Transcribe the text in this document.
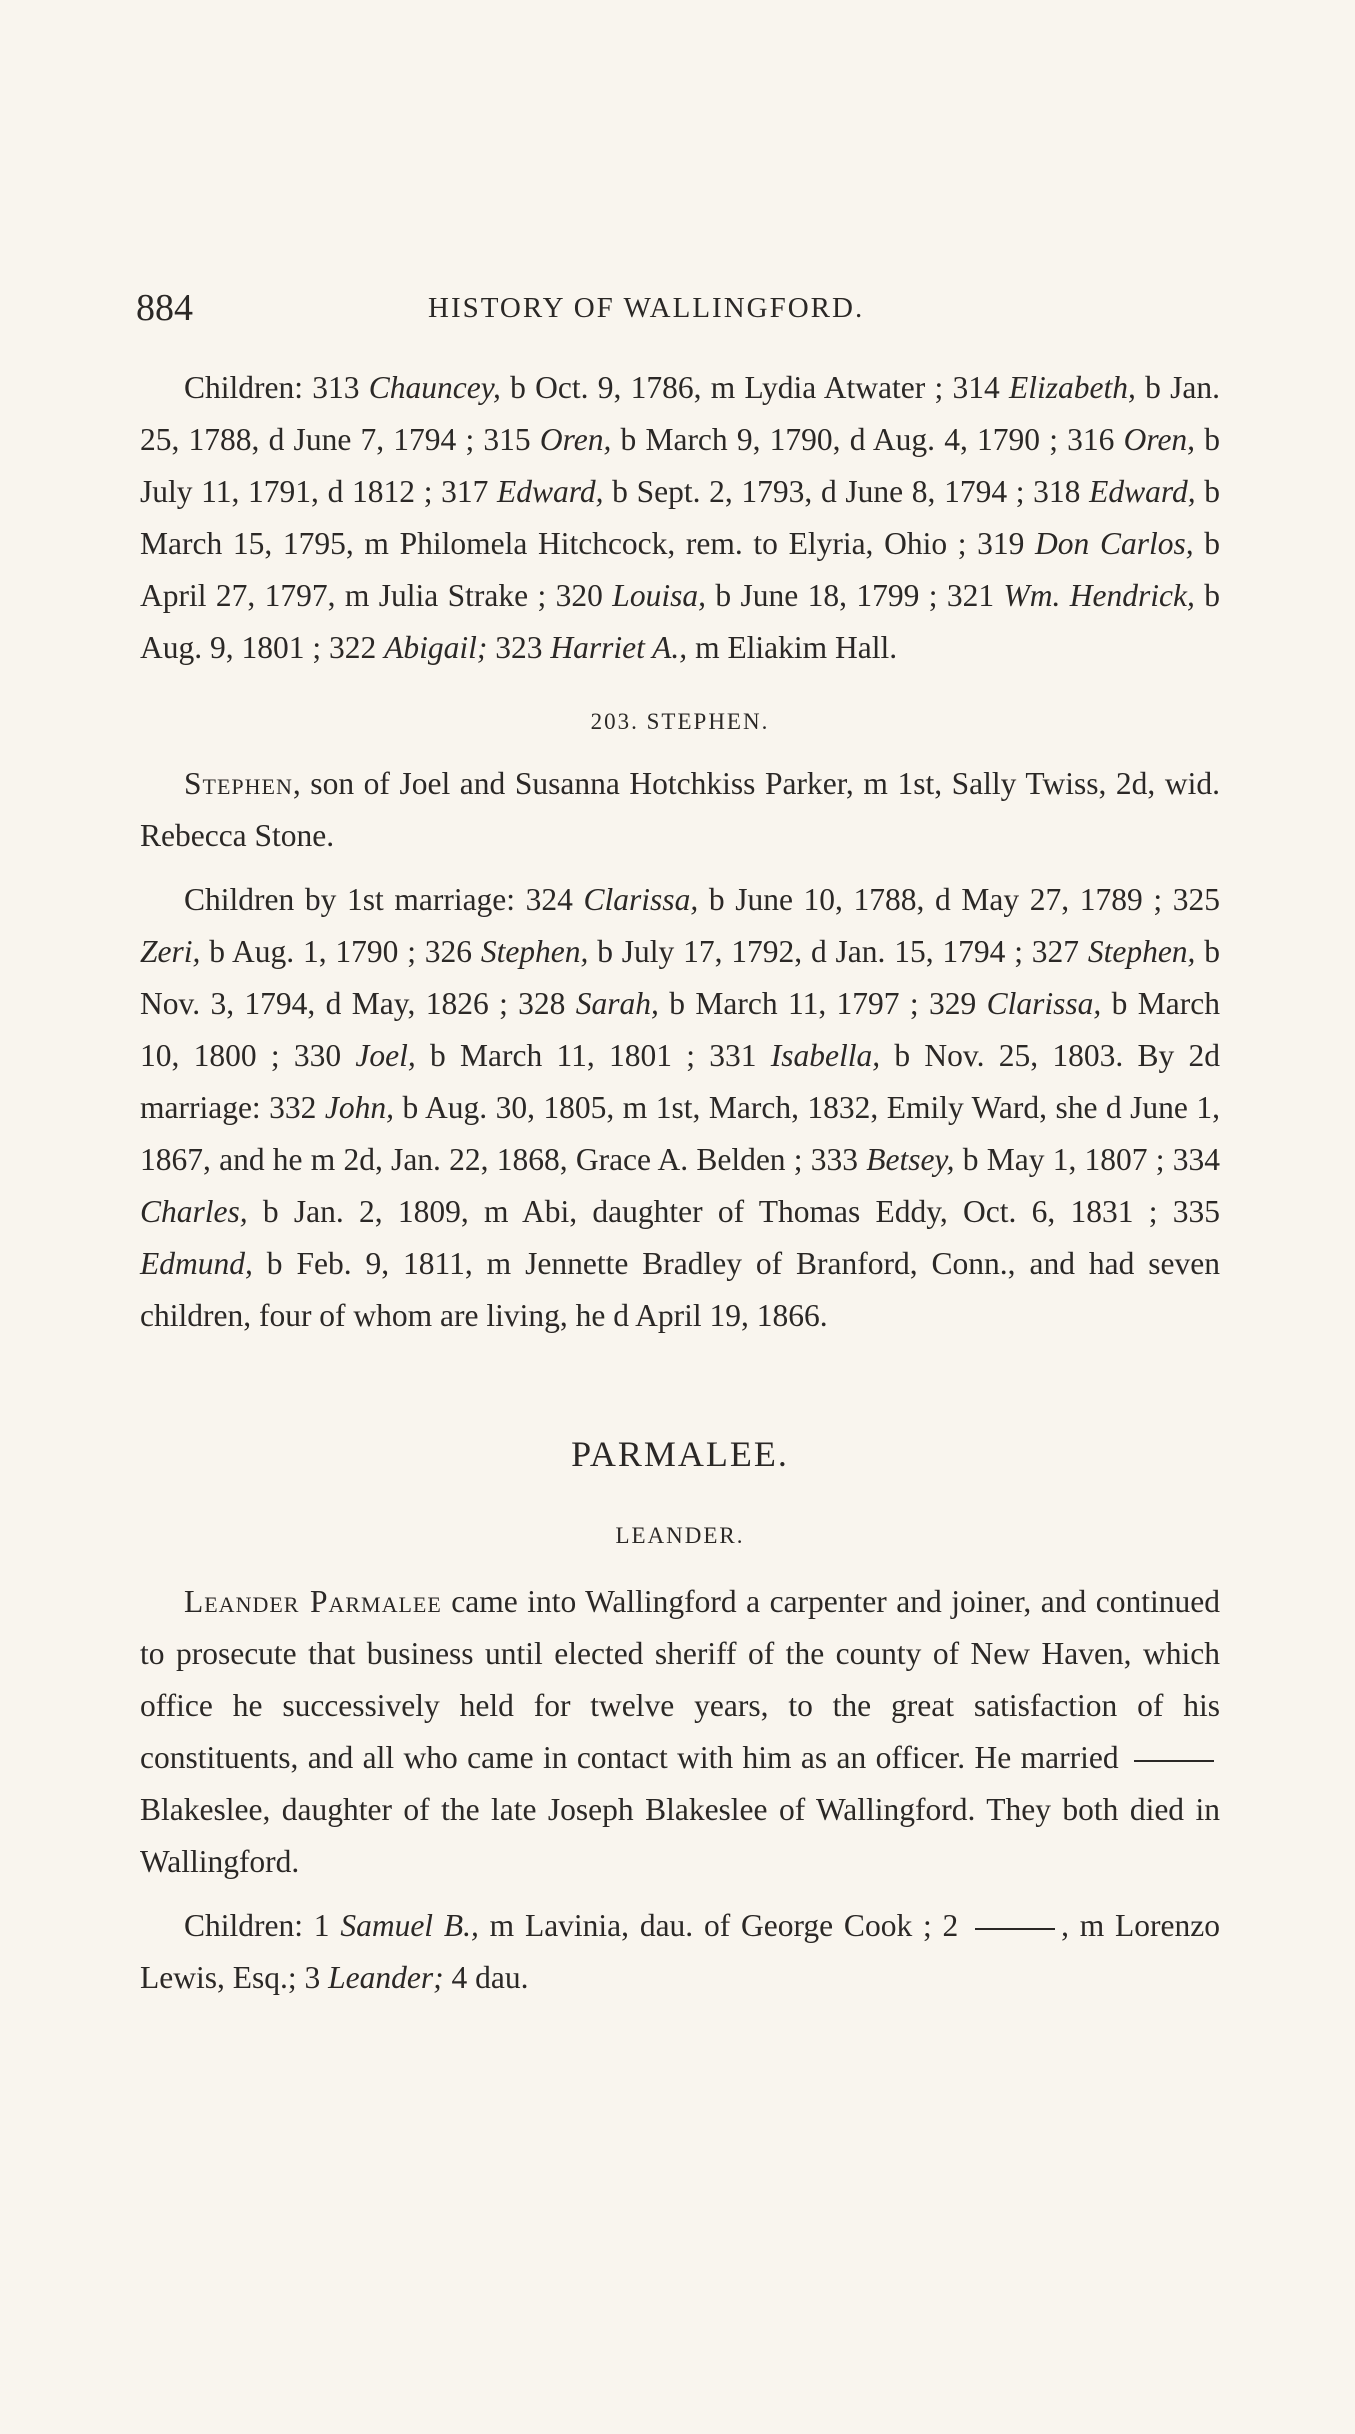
884	HISTORY OF WALLINGFORD.

Children: 313 Chauncey, b Oct. 9, 1786, m Lydia Atwater ; 314 Elizabeth, b Jan. 25, 1788, d June 7, 1794 ; 315 Oren, b March 9, 1790, d Aug. 4, 1790 ; 316 Oren, b July 11, 1791, d 1812 ; 317 Edward, b Sept. 2, 1793, d June 8, 1794 ; 318 Edward, b March 15, 1795, m Philomela Hitchcock, rem. to Elyria, Ohio ; 319 Don Carlos, b April 27, 1797, m Julia Strake ; 320 Louisa, b June 18, 1799 ; 321 Wm. Hendrick, b Aug. 9, 1801 ; 322 Abigail; 323 Harriet A., m Eliakim Hall.

203. STEPHEN.

Stephen, son of Joel and Susanna Hotchkiss Parker, m 1st, Sally Twiss, 2d, wid. Rebecca Stone.

Children by 1st marriage: 324 Clarissa, b June 10, 1788, d May 27, 1789 ; 325 Zeri, b Aug. 1, 1790 ; 326 Stephen, b July 17, 1792, d Jan. 15, 1794 ; 327 Stephen, b Nov. 3, 1794, d May, 1826 ; 328 Sarah, b March 11, 1797 ; 329 Clarissa, b March 10, 1800 ; 330 Joel, b March 11, 1801 ; 331 Isabella, b Nov. 25, 1803. By 2d marriage: 332 John, b Aug. 30, 1805, m 1st, March, 1832, Emily Ward, she d June 1, 1867, and he m 2d, Jan. 22, 1868, Grace A. Belden ; 333 Betsey, b May 1, 1807 ; 334 Charles, b Jan. 2, 1809, m Abi, daughter of Thomas Eddy, Oct. 6, 1831 ; 335 Edmund, b Feb. 9, 1811, m Jennette Bradley of Branford, Conn., and had seven children, four of whom are living, he d April 19, 1866.

PARMALEE.
LEANDER.

Leander Parmalee came into Wallingford a carpenter and joiner, and continued to prosecute that business until elected sheriff of the county of New Haven, which office he successively held for twelve years, to the great satisfaction of his constituents, and all who came in contact with him as an officer. He married  Blakeslee, daughter of the late Joseph Blakeslee of Wallingford. They both died in Wallingford.

Children: 1 Samuel B., m Lavinia, dau. of George Cook ; 2	, m Lorenzo Lewis, Esq.; 3 Leander; 4 dau.
